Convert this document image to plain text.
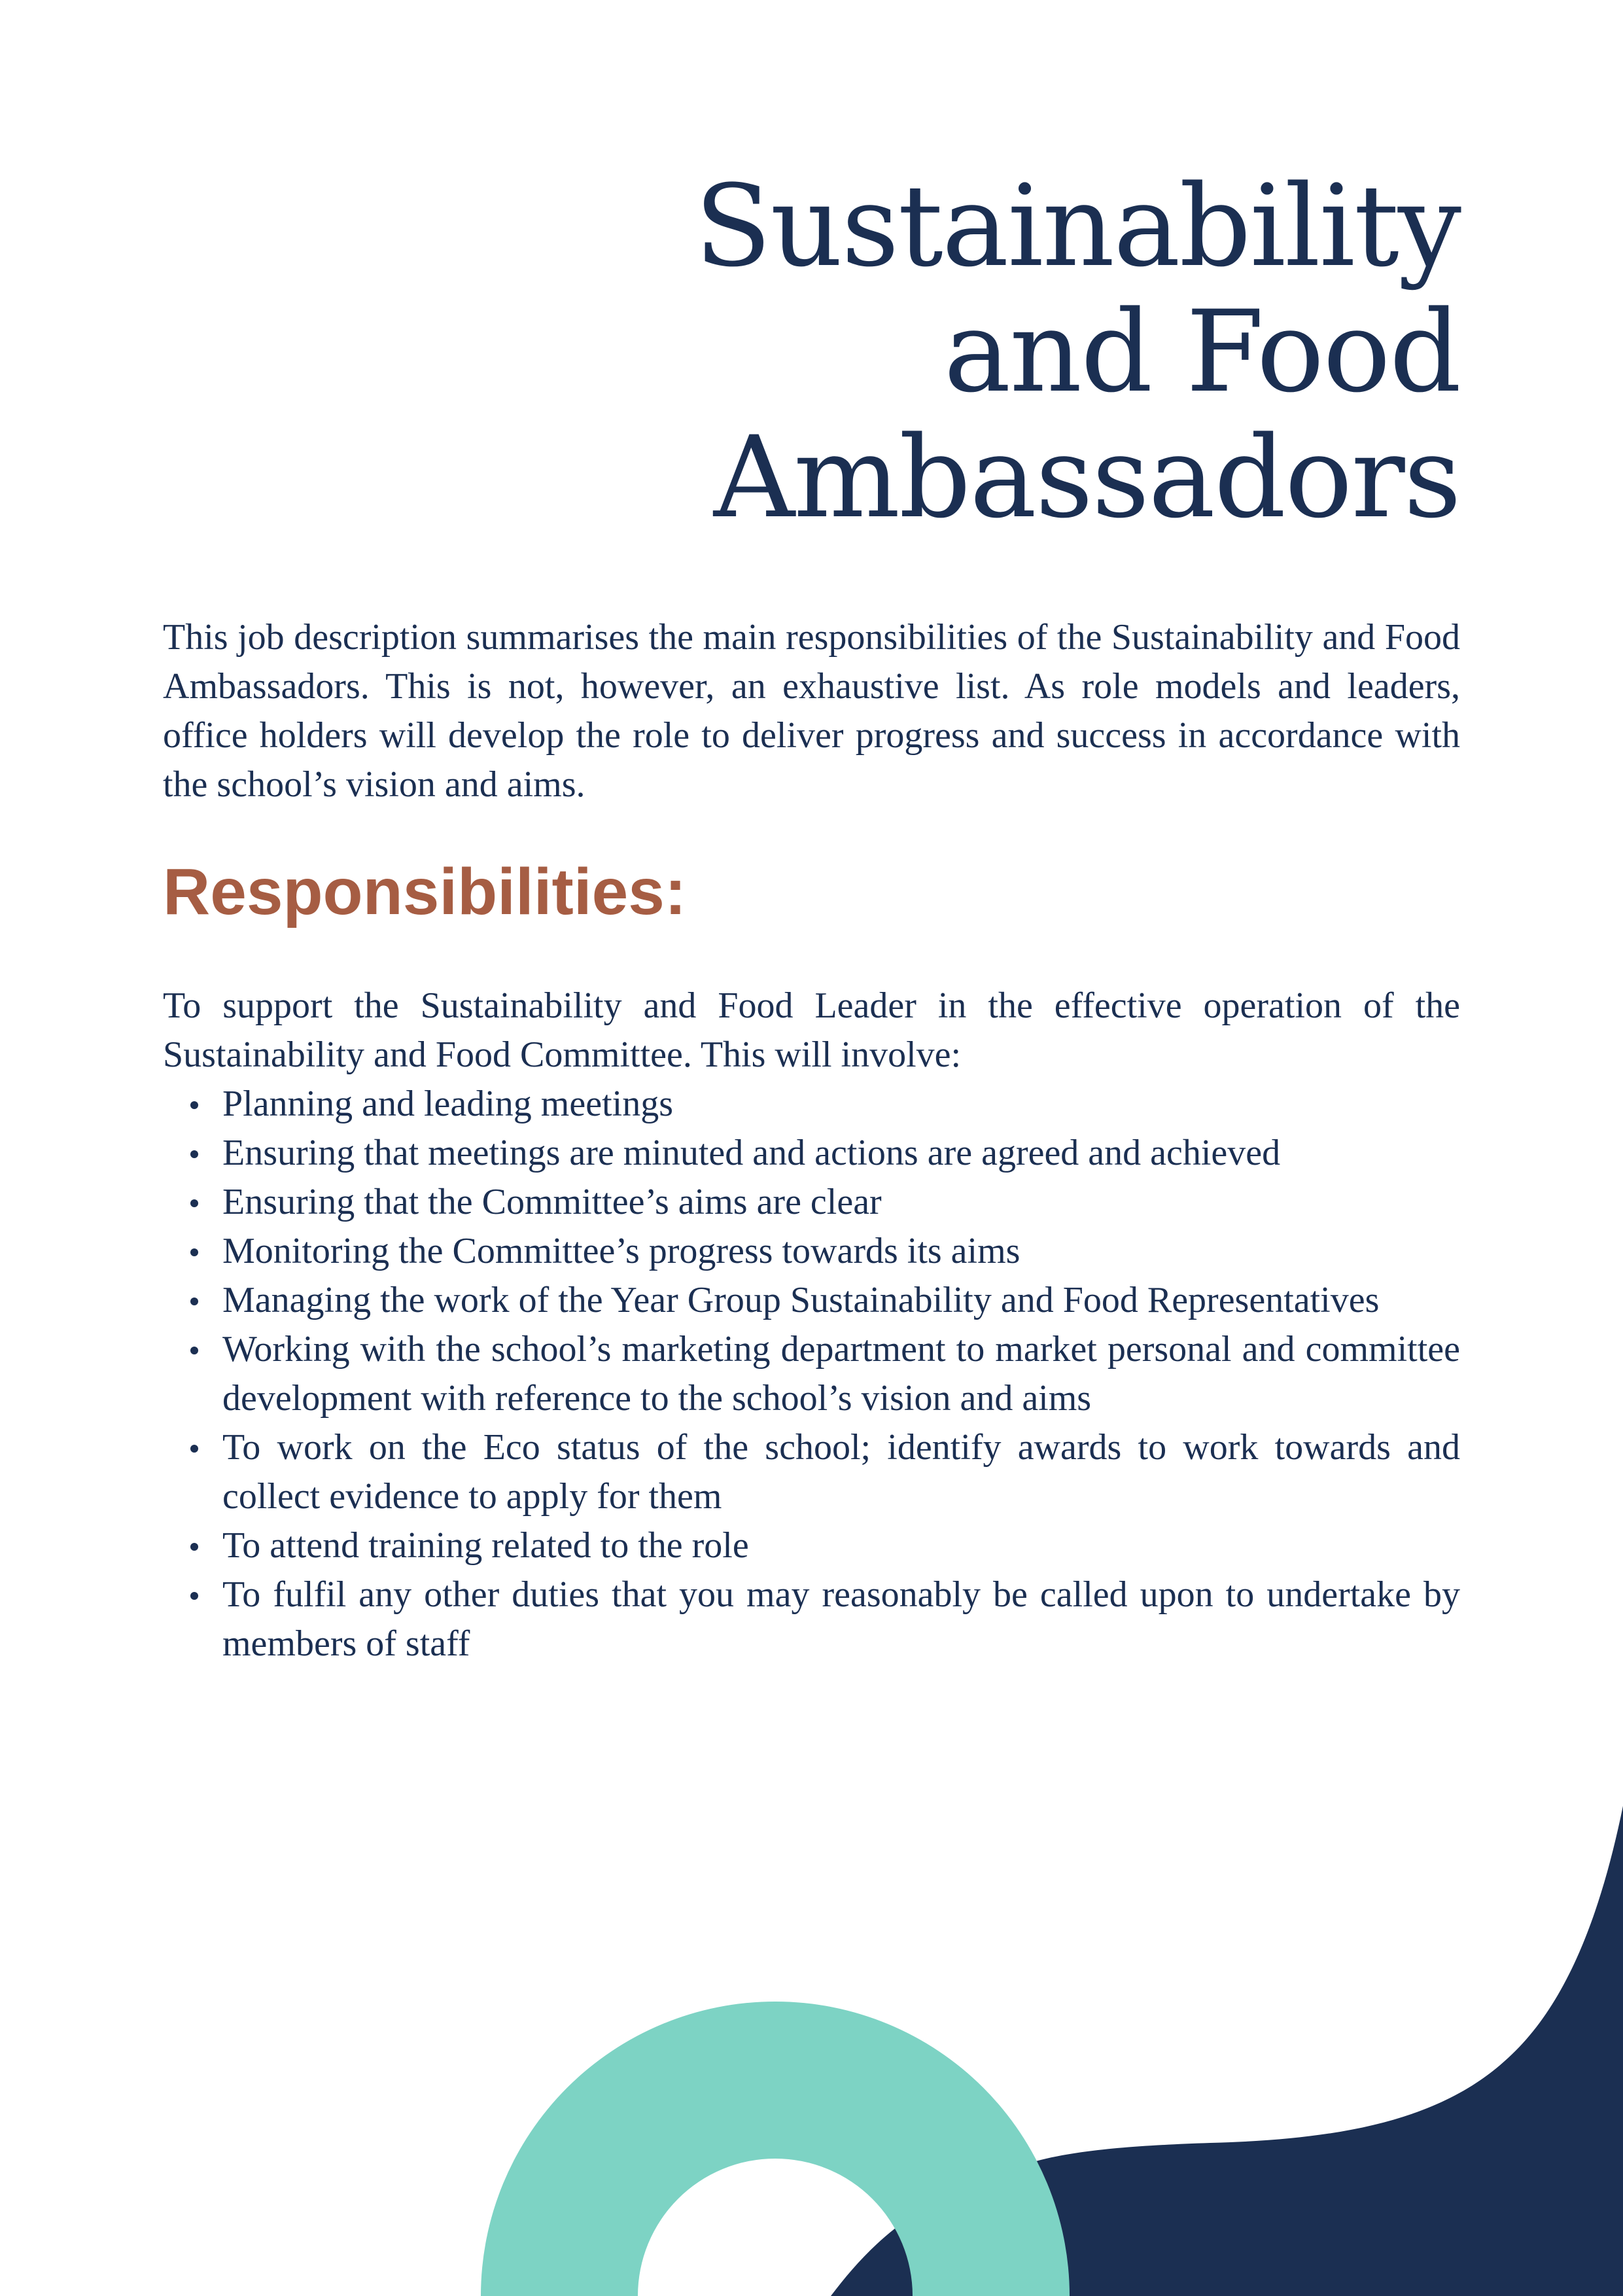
Sustainability
and Food
Ambassadors

This job description summarises the main responsibilities of the Sustainability and Food Ambassadors. This is not, however, an exhaustive list. As role models and leaders, office holders will develop the role to deliver progress and success in accordance with the school’s vision and aims.

Responsibilities:

To support the Sustainability and Food Leader in the effective operation of the Sustainability and Food Committee. This will involve:

Planning and leading meetings
Ensuring that meetings are minuted and actions are agreed and achieved
Ensuring that the Committee’s aims are clear
Monitoring the Committee’s progress towards its aims
Managing the work of the Year Group Sustainability and Food Representatives
Working with the school’s marketing department to market personal and committee development with reference to the school’s vision and aims
To work on the Eco status of the school; identify awards to work towards and collect evidence to apply for them
To attend training related to the role
To fulfil any other duties that you may reasonably be called upon to undertake by members of staff
